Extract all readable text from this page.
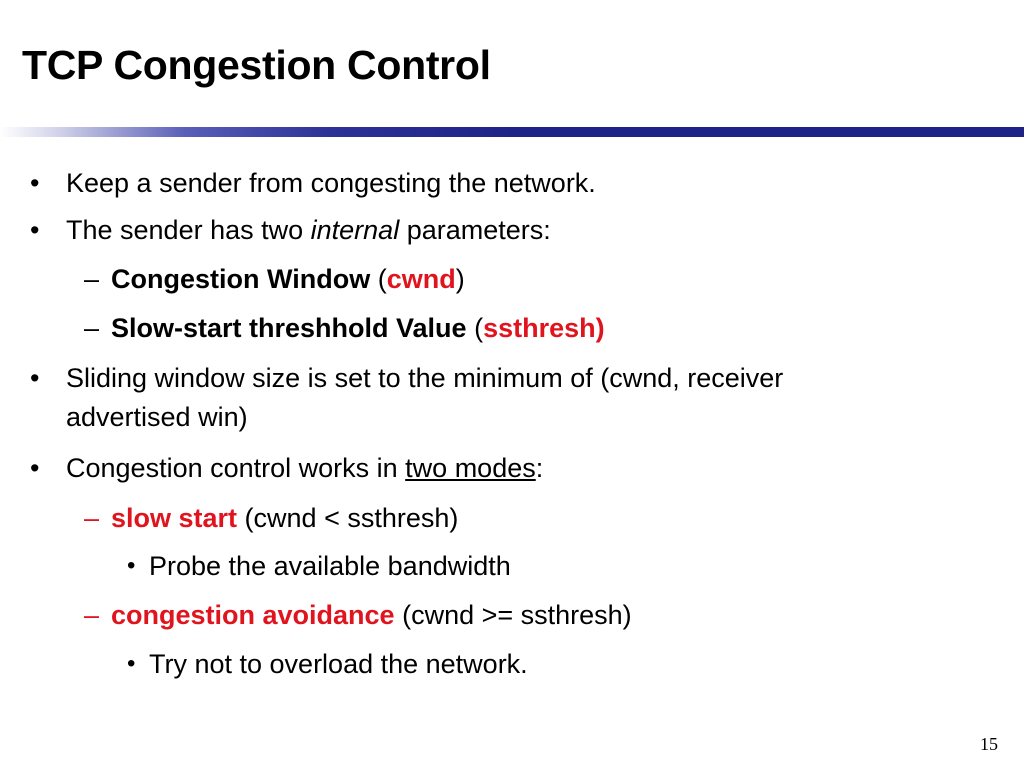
TCP Congestion Control
• Keep a sender from congesting the network.
• The sender has two internal parameters:
– Congestion Window (cwnd)
– Slow-start threshhold Value (ssthresh)
• Sliding window size is set to the minimum of (cwnd, receiver
advertised win)
• Congestion control works in two modes:
– slow start (cwnd < ssthresh)
• Probe the available bandwidth
– congestion avoidance (cwnd >= ssthresh)
• Try not to overload the network.
15
